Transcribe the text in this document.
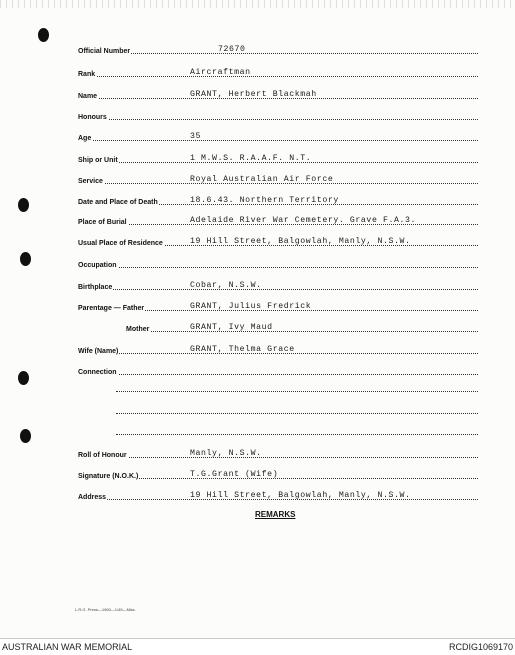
Official Number	72670
Rank	Aircraftman
Name	GRANT, Herbert Blackmah
Honours
Age	35
Ship or Unit	1 M.W.S. R.A.A.F. N.T.
Service	Royal Australian Air Force
Date and Place of Death	18.6.43. Northern Territory
Place of Burial	Adelaide River War Cemetery. Grave F.A.3.
Usual Place of Residence	19 Hill Street, Balgowlah, Manly, N.S.W.
Occupation
Birthplace	Cobar, N.S.W.
Parentage — Father	GRANT, Julius Fredrick
Mother	GRANT, Ivy Maud
Wife (Name)	GRANT, Thelma Grace
Connection
Roll of Honour	Manly, N.S.W.
Signature (N.O.K.)	T.G.Grant (Wife)
Address	19 Hill Street, Balgowlah, Manly, N.S.W.
REMARKS
L.R.G. Press—1960—1/45—Misc.
AUSTRALIAN WAR MEMORIAL	RCDIG1069170
